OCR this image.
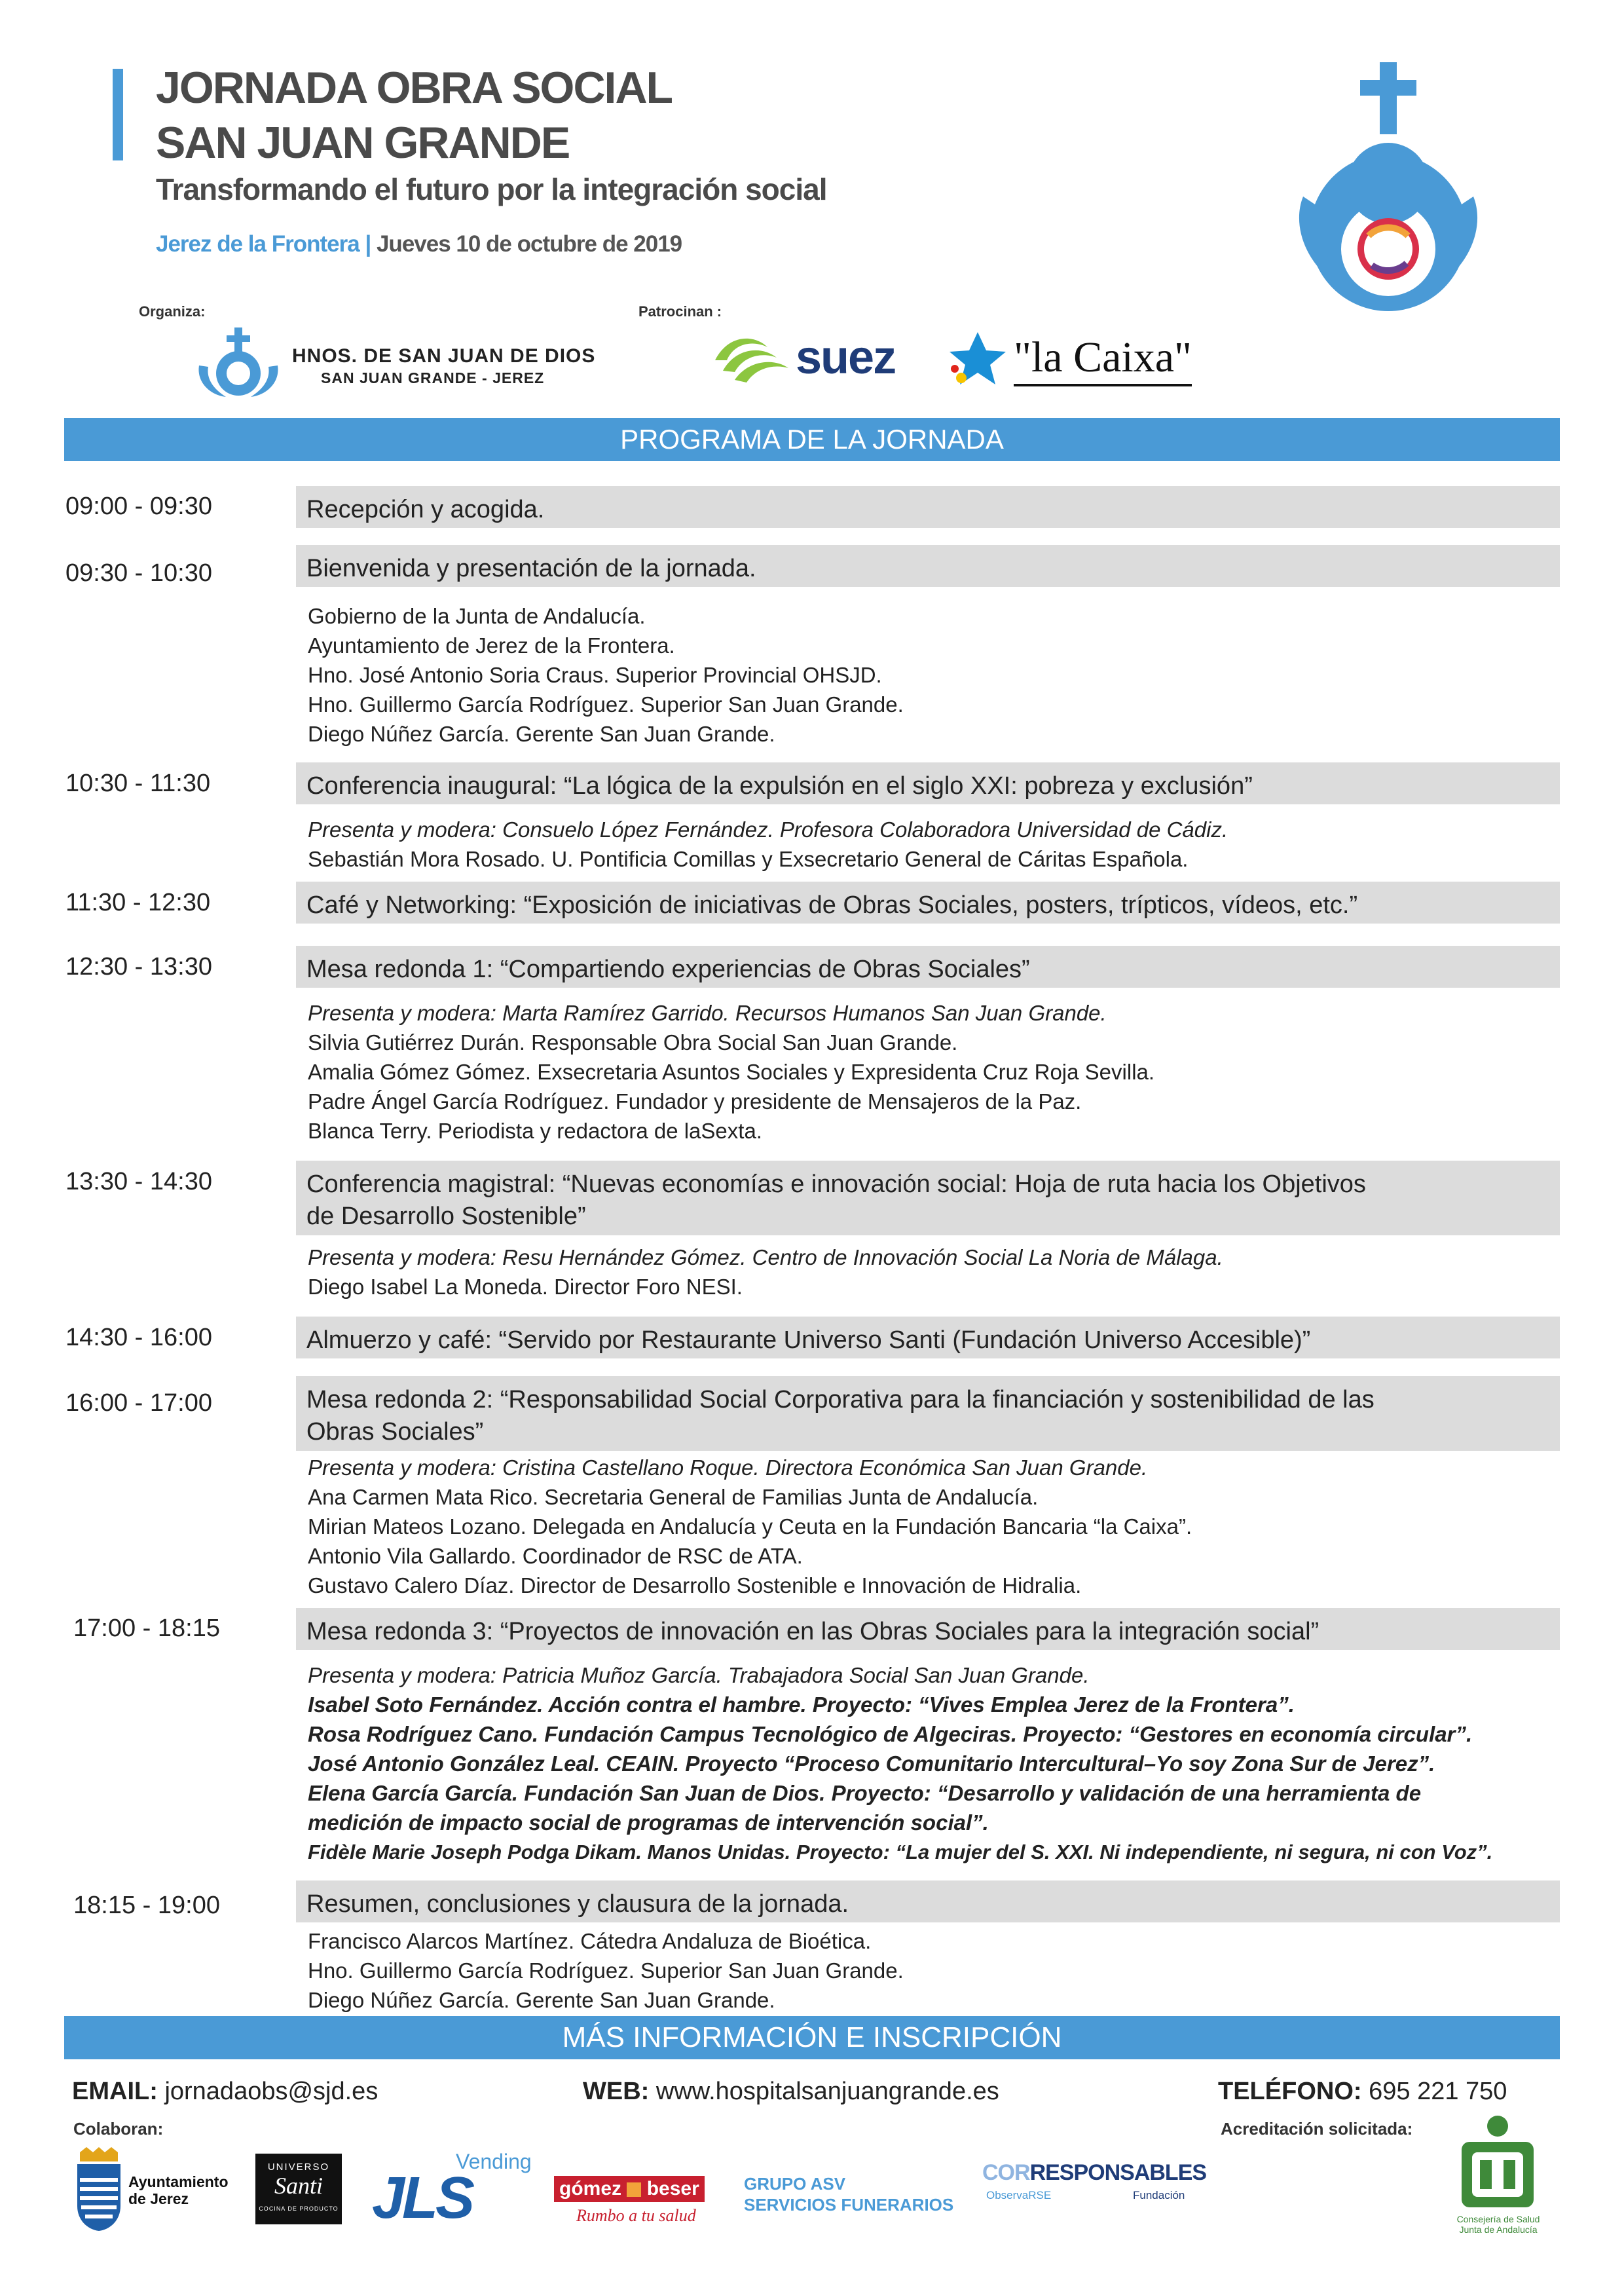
JORNADA OBRA SOCIAL
SAN JUAN GRANDE
Transformando el futuro por la integración social
Jerez de la Frontera | Jueves 10 de octubre de 2019
Organiza:
HNOS. DE SAN JUAN DE DIOS
SAN JUAN GRANDE - JEREZ
Patrocinan :
suez	"la Caixa"
PROGRAMA DE LA JORNADA
09:00 - 09:30	Recepción y acogida.
09:30 - 10:30	Bienvenida y presentación de la jornada.
Gobierno de la Junta de Andalucía.
Ayuntamiento de Jerez de la Frontera.
Hno. José Antonio Soria Craus. Superior Provincial OHSJD.
Hno. Guillermo García Rodríguez. Superior San Juan Grande.
Diego Núñez García. Gerente San Juan Grande.
10:30 - 11:30	Conferencia inaugural: “La lógica de la expulsión en el siglo XXI: pobreza y exclusión”
Presenta y modera: Consuelo López Fernández. Profesora Colaboradora Universidad de Cádiz.
Sebastián Mora Rosado. U. Pontificia Comillas y Exsecretario General de Cáritas Española.
11:30 - 12:30	Café y Networking: “Exposición de iniciativas de Obras Sociales, posters, trípticos, vídeos, etc.”
12:30 - 13:30	Mesa redonda 1: “Compartiendo experiencias de Obras Sociales”
Presenta y modera: Marta Ramírez Garrido. Recursos Humanos San Juan Grande.
Silvia Gutiérrez Durán. Responsable Obra Social San Juan Grande.
Amalia Gómez Gómez. Exsecretaria Asuntos Sociales y Expresidenta Cruz Roja Sevilla.
Padre Ángel García Rodríguez. Fundador y presidente de Mensajeros de la Paz.
Blanca Terry. Periodista y redactora de laSexta.
13:30 - 14:30	Conferencia magistral: “Nuevas economías e innovación social: Hoja de ruta hacia los Objetivos
de Desarrollo Sostenible”
Presenta y modera: Resu Hernández Gómez. Centro de Innovación Social La Noria de Málaga.
Diego Isabel La Moneda. Director Foro NESI.
14:30 - 16:00	Almuerzo y café: “Servido por Restaurante Universo Santi (Fundación Universo Accesible)”
16:00 - 17:00	Mesa redonda 2: “Responsabilidad Social Corporativa para la financiación y sostenibilidad de las
Obras Sociales”
Presenta y modera: Cristina Castellano Roque. Directora Económica San Juan Grande.
Ana Carmen Mata Rico. Secretaria General de Familias Junta de Andalucía.
Mirian Mateos Lozano. Delegada en Andalucía y Ceuta en la Fundación Bancaria “la Caixa”.
Antonio Vila Gallardo. Coordinador de RSC de ATA.
Gustavo Calero Díaz. Director de Desarrollo Sostenible e Innovación de Hidralia.
17:00 - 18:15	Mesa redonda 3: “Proyectos de innovación en las Obras Sociales para la integración social”
Presenta y modera: Patricia Muñoz García. Trabajadora Social San Juan Grande.
Isabel Soto Fernández. Acción contra el hambre. Proyecto: “Vives Emplea Jerez de la Frontera”.
Rosa Rodríguez Cano. Fundación Campus Tecnológico de Algeciras. Proyecto: “Gestores en economía circular”.
José Antonio González Leal. CEAIN. Proyecto “Proceso Comunitario Intercultural–Yo soy Zona Sur de Jerez”.
Elena García García. Fundación San Juan de Dios. Proyecto: “Desarrollo y validación de una herramienta de
medición de impacto social de programas de intervención social”.
Fidèle Marie Joseph Podga Dikam. Manos Unidas. Proyecto: “La mujer del S. XXI. Ni independiente, ni segura, ni con Voz”.
18:15 - 19:00	Resumen, conclusiones y clausura de la jornada.
Francisco Alarcos Martínez. Cátedra Andaluza de Bioética.
Hno. Guillermo García Rodríguez. Superior San Juan Grande.
Diego Núñez García. Gerente San Juan Grande.
MÁS INFORMACIÓN E INSCRIPCIÓN
EMAIL: jornadaobs@sjd.es	WEB: www.hospitalsanjuangrande.es	TELÉFONO: 695 221 750
Colaboran:	Acreditación solicitada:
Ayuntamiento
de Jerez
UNIVERSO
Santi
COCINA DE PRODUCTO JLS
Vending
gómez beser
Rumbo a tu salud
GRUPO ASV
SERVICIOS FUNERARIOS
CORRESPONSABLES
ObservaRSE	Fundación
Consejería de Salud
Junta de Andalucía
